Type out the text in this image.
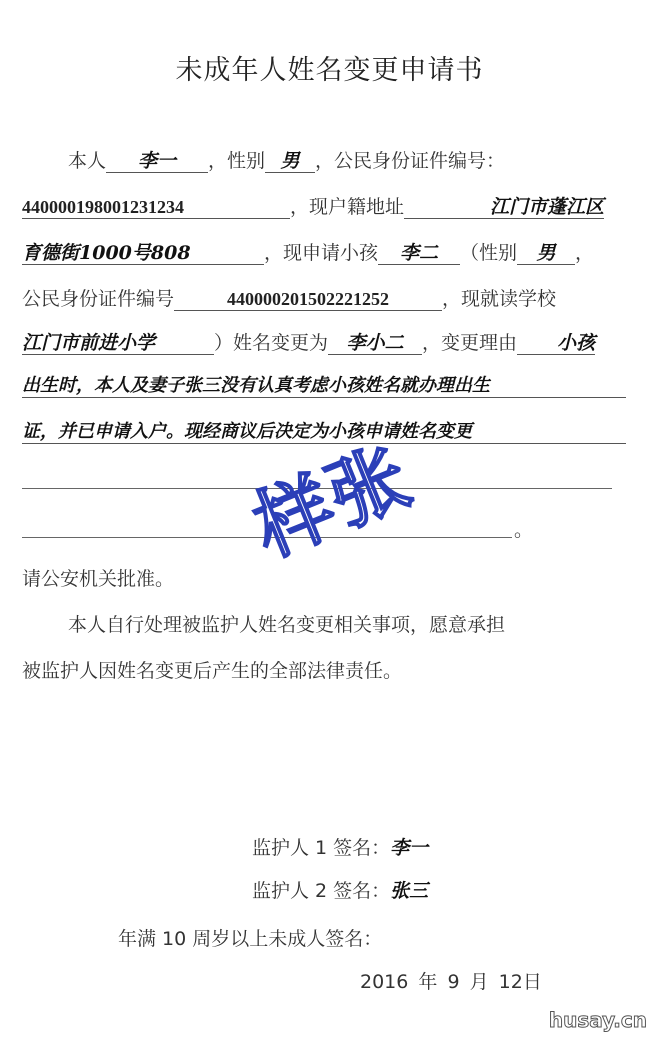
未成年人姓名变更申请书
本人 李一 ，性别 男 ，公民身份证件编号：
440000198001231234	，现户籍地址	江门市蓬江区
育德街1000号808	，现申请小孩 李二 （性别 男 ，
公民身份证件编号	440000201502221252	，现就读学校
江门市前进小学	）姓名变更为 李小二 ，变更理由 小孩
出生时，本人及妻子张三没有认真考虑小孩姓名就办理出生
证，并已申请入户。现经商议后决定为小孩申请姓名变更
。
请公安机关批准。
本人自行处理被监护人姓名变更相关事项，愿意承担
被监护人因姓名变更后产生的全部法律责任。
样张
监护人 1 签名：李一
监护人 2 签名：张三
年满 10 周岁以上未成人签名：
2016 年 9 月 12日
husay.cn
